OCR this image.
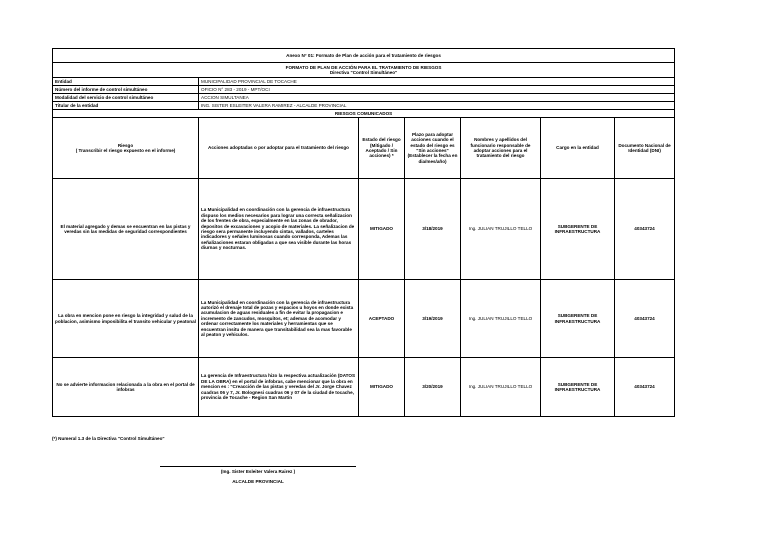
Anexo N° 01: Formato de Plan de acción para el tratamiento de riesgos						

FORMATO DE PLAN DE ACCIÓN PARA EL TRATAMIENTO DE RIESGOS
Directiva "Control Simultáneo"						

Entidad	MUNICIPALIDAD PROVINCIAL DE TOCACHE					
Número del informe de control simultáneo	OFICIO N° 283 - 2019 - MPT/OCI					
Modalidad del servicio de control simultáneo	ACCION SIMULTANEA					
Titular de la entidad	ING. SISTER ESLEITER VALERA RAMIREZ - ALCALDE PROVINCIAL					
RIESGOS COMUNICADOS						

Riesgo
( Transcribir el riesgo expuesto en el informe)	Acciones adoptadas o por adoptar para el tratamiento del riesgo	Estado del riesgo (Mitigado / Aceptado / Sin acciones) *	Plazo para adoptar acciones cuando el estado del riesgo es "Sin acciones" (Establecer la fecha en dia/mes/año)	Nombres y apellidos del funcionario responsable de adoptar acciones para el tratamiento del riesgo	Cargo en la entidad	Documento Nacional de Identidad (DNI)
El material agregado y demas se encuentran en las pistas y veredas sin las medidas de seguridad correspondientes	La Municipalidad en coordinación con la gerencia de infraestructura dispuso los medios necesarios para lograr una correcta señalizacion de los frentes de obra, especialmente en las zonas de obrador, depositos de excavaciones y acopio de materiales. La señalizacion de riesgo sera permanente incluyendo cintas, vallados, carteles indicadores y señales luminosas cuando corresponda, Ademas las señalizaciones estaran obligadas a que sea visible durante las horas diurnas y nocturnas.	MITIGADO	3/18/2019	Ing. JULIAN TRUJILLO TELLO	SUBGERENTE DE INFRAESTRUCTURA	40343724
La obra en mencion pone en riesgo la integridad y salud de la poblacion, asimismo imposibilita el transito vehicular y peatonal	La Municipalidad en coordinación con la gerencia de infraestructura autorizó el drenaje total de pozas y espacios u hoyos en donde exista acumulacion de aguas residuales a fin de evitar la propagacion e incremento de zancudos, mosquitos, et; ademas de acomodar y ordenar correctamente los materiales y herramientas que se encuentran insitu de manera que transitabilidad sea la mas favorable al peaton y vehiculos.	ACEPTADO	3/19/2019	Ing. JULIAN TRUJILLO TELLO	SUBGERENTE DE INFRAESTRUCTURA	40343724
No se advierte informacion relacionada a la obra en el portal de infobras	La gerencia de Infraestructura hizo la respectiva actualización (DATOS DE LA OBRA) en el portal de infobras, cabe mencionar que la obra en mencion es : "Creacción de las pistas y veredas del Jr. Jorge Chavez cuadras 06 y 7, Jr. Bolognesi cuadras 06 y 07 de la ciudad de tocache, provincia de Tocache - Region San Martin	MITIGADO	3/20/2019	Ing. JULIAN TRUJILLO TELLO	SUBGERENTE DE INFRAESTRUCTURA	40343724
(*) Numeral 1.3 de la Directiva "Control Simultáneo"
(Ing. Sister Esleiter Valera Rairez )
ALCALDE PROVINCIAL
